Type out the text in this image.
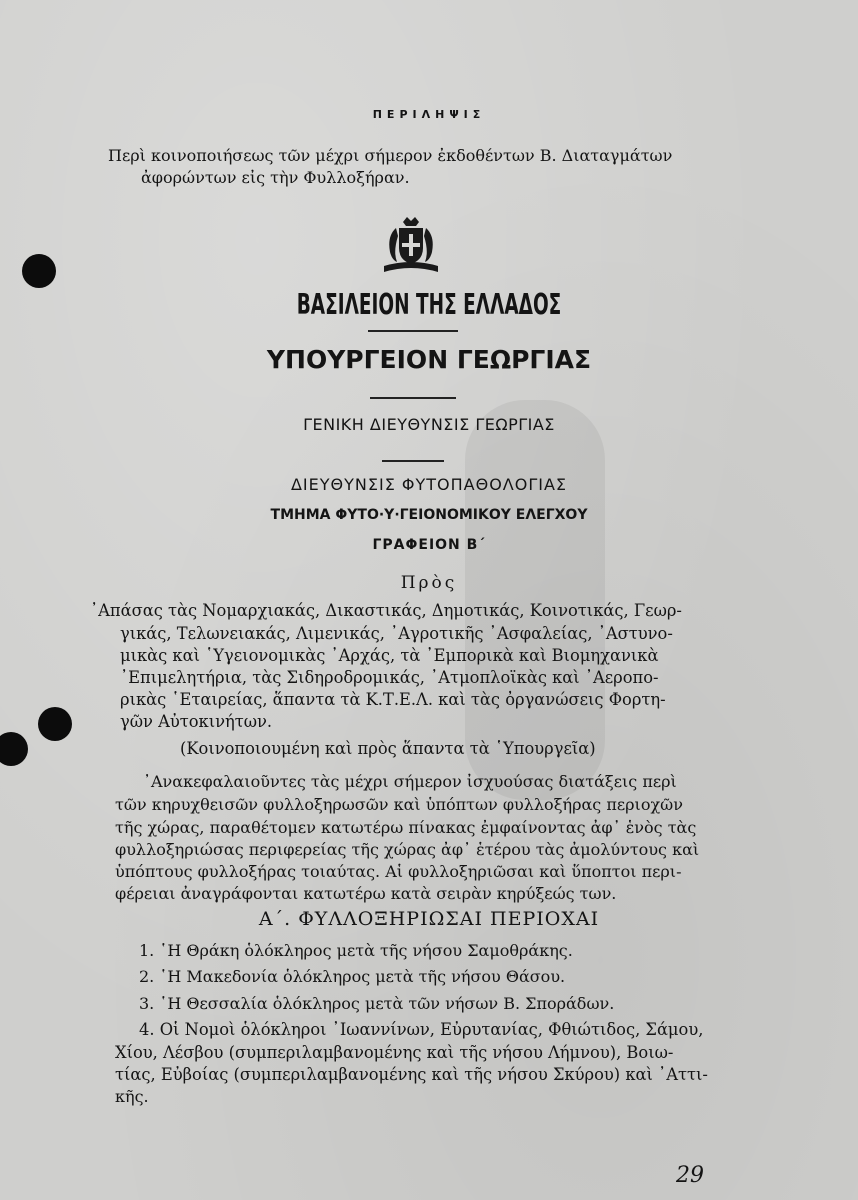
ΠΕΡΙΛΗΨΙΣ
Περὶ κοινοποιήσεως τῶν μέχρι σήμερον ἐκδοθέντων Β. Διαταγμάτων
ἀφορώντων εἰς τὴν Φυλλοξήραν.
ΒΑΣΙΛΕΙΟΝ ΤΗΣ ΕΛΛΑΔΟΣ
ΥΠΟΥΡΓΕΙΟΝ ΓΕΩΡΓΙΑΣ
ΓΕΝΙΚΗ ΔΙΕΥΘΥΝΣΙΣ ΓΕΩΡΓΙΑΣ
ΔΙΕΥΘΥΝΣΙΣ ΦΥΤΟΠΑΘΟΛΟΓΙΑΣ
ΤΜΗΜΑ ΦΥΤΟ·Υ·ΓΕΙΟΝΟΜΙΚΟΥ ΕΛΕΓΧΟΥ
ΓΡΑΦΕΙΟΝ Β΄
Πρὸς
᾿Απάσας τὰς Νομαρχιακάς, Δικαστικάς, Δημοτικάς, Κοινοτικάς, Γεωρ-
γικάς, Τελωνειακάς, Λιμενικάς, ᾿Αγροτικῆς ᾿Ασφαλείας, ᾿Αστυνο-
μικὰς καὶ ῾Υγειονομικὰς ᾿Αρχάς, τὰ ᾿Εμπορικὰ καὶ Βιομηχανικὰ
᾿Επιμελητήρια, τὰς Σιδηροδρομικάς, ᾿Ατμοπλοϊκὰς καὶ ᾿Αεροπο-
ρικὰς ῾Εταιρείας, ἅπαντα τὰ Κ.Τ.Ε.Λ. καὶ τὰς ὀργανώσεις Φορτη-
γῶν Αὐτοκινήτων.
(Κοινοποιουμένη καὶ πρὸς ἅπαντα τὰ ῾Υπουργεῖα)
᾿Ανακεφαλαιοῦντες τὰς μέχρι σήμερον ἰσχυούσας διατάξεις περὶ
τῶν κηρυχθεισῶν φυλλοξηρωσῶν καὶ ὑπόπτων φυλλοξήρας περιοχῶν
τῆς χώρας, παραθέτομεν κατωτέρω πίνακας ἐμφαίνοντας ἀφ᾿ ἑνὸς τὰς
φυλλοξηριώσας περιφερείας τῆς χώρας ἀφ᾿ ἑτέρου τὰς ἀμολύντους καὶ
ὑπόπτους φυλλοξήρας τοιαύτας. Αἱ φυλλοξηριῶσαι καὶ ὕποπτοι περι-
φέρειαι ἀναγράφονται κατωτέρω κατὰ σειρὰν κηρύξεώς των.
Α΄. ΦΥΛΛΟΞΗΡΙΩΣΑΙ ΠΕΡΙΟΧΑΙ
1. ῾Η Θράκη ὁλόκληρος μετὰ τῆς νήσου Σαμοθράκης.
2. ῾Η Μακεδονία ὁλόκληρος μετὰ τῆς νήσου Θάσου.
3. ῾Η Θεσσαλία ὁλόκληρος μετὰ τῶν νήσων Β. Σποράδων.
4. Οἱ Νομοὶ ὁλόκληροι ᾿Ιωαννίνων, Εὐρυτανίας, Φθιώτιδος, Σάμου,
Χίου, Λέσβου (συμπεριλαμβανομένης καὶ τῆς νήσου Λήμνου), Βοιω-
τίας, Εὐβοίας (συμπεριλαμβανομένης καὶ τῆς νήσου Σκύρου) καὶ ᾿Αττι-
κῆς.
29
